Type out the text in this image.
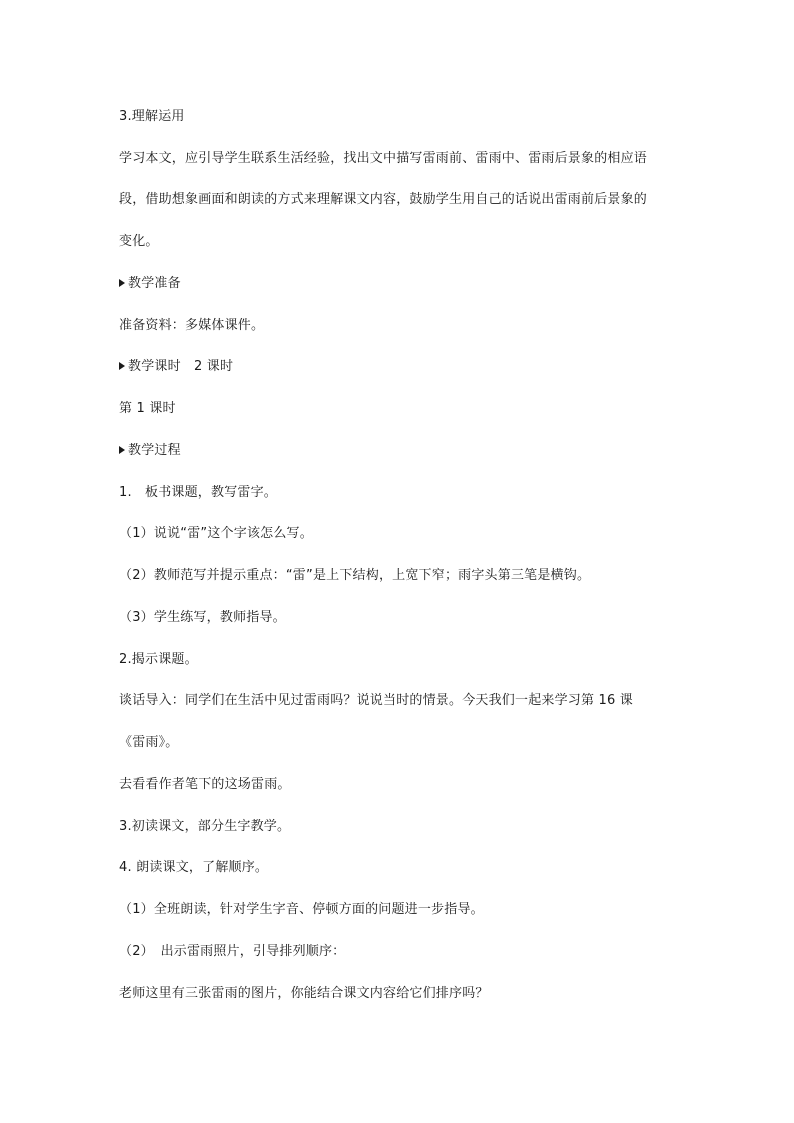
3.理解运用
学习本文，应引导学生联系生活经验，找出文中描写雷雨前、雷雨中、雷雨后景象的相应语
段，借助想象画面和朗读的方式来理解课文内容，鼓励学生用自己的话说出雷雨前后景象的
变化。
教学准备
准备资料：多媒体课件。
教学课时　2 课时
第 1 课时
教学过程
1.　板书课题，教写雷字。
（1）说说“雷”这个字该怎么写。
（2）教师范写并提示重点：“雷”是上下结构，上宽下窄；雨字头第三笔是横钩。
（3）学生练写，教师指导。
2.揭示课题。
谈话导入：同学们在生活中见过雷雨吗？说说当时的情景。今天我们一起来学习第 16 课
《雷雨》。
去看看作者笔下的这场雷雨。
3.初读课文，部分生字教学。
4. 朗读课文，了解顺序。
（1）全班朗读，针对学生字音、停顿方面的问题进一步指导。
（2）　出示雷雨照片，引导排列顺序：
老师这里有三张雷雨的图片，你能结合课文内容给它们排序吗？
